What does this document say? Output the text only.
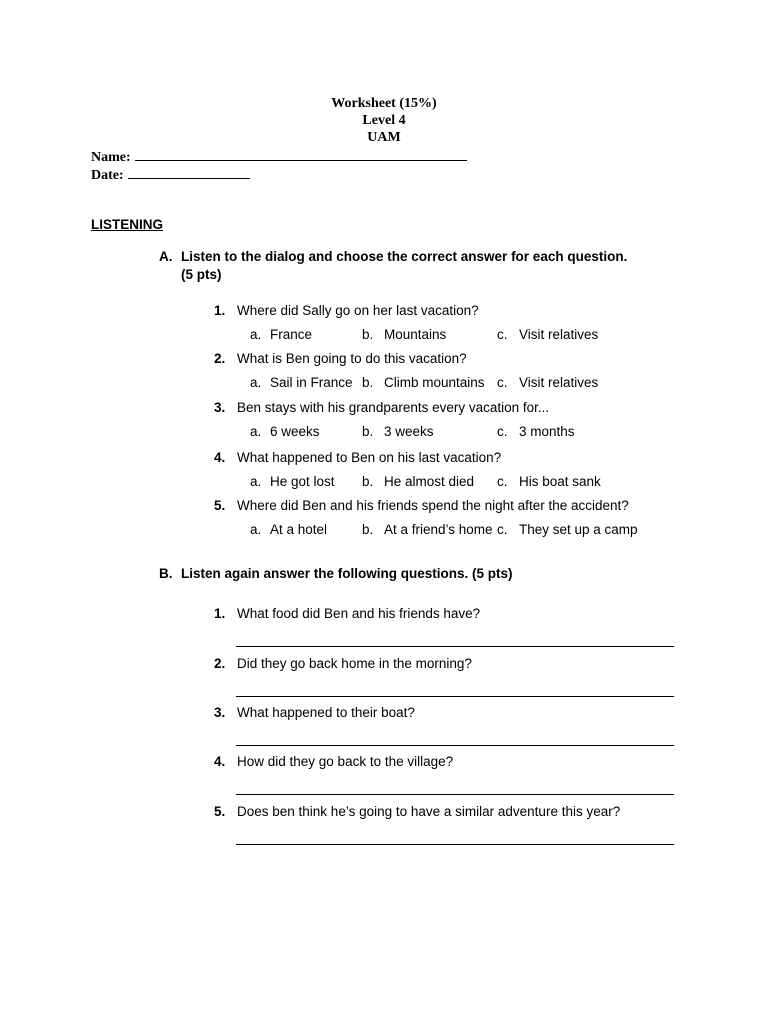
Worksheet (15%)
Level 4
UAM
Name:
Date:
LISTENING
A. Listen to the dialog and choose the correct answer for each question.
(5 pts)
1. Where did Sally go on her last vacation?
a. France	b. Mountains	c. Visit relatives
2. What is Ben going to do this vacation?
a. Sail in France b. Climb mountains c. Visit relatives
3. Ben stays with his grandparents every vacation for...
a. 6 weeks	b. 3 weeks	c. 3 months
4. What happened to Ben on his last vacation?
a. He got lost b. He almost died c. His boat sank
5. Where did Ben and his friends spend the night after the accident?
a. At a hotel	b. At a friend’s home c. They set up a camp
B. Listen again answer the following questions. (5 pts)
1. What food did Ben and his friends have?
2. Did they go back home in the morning?
3. What happened to their boat?
4. How did they go back to the village?
5. Does ben think he’s going to have a similar adventure this year?
